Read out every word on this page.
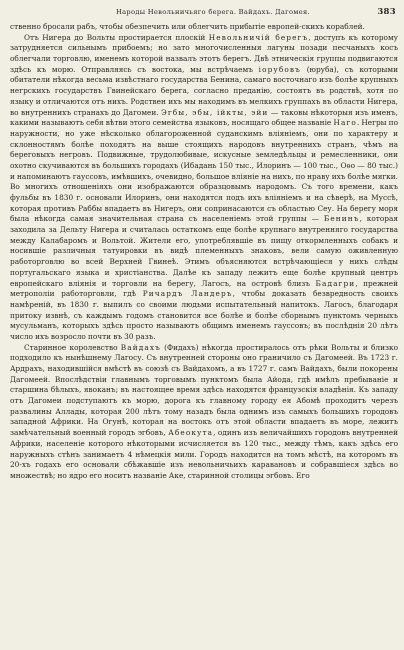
Народы Невольничьяго берега. Вайдахъ. Дагомея.	383

ственно бросали рабъ, чтобы обезпечить или облегчить прибытіе европей-скихъ кораблей.

Отъ Нигера до Вольты простирается плоскій Невольничій берегъ, доступъ къ которому затрудняется сильнымъ прибоемъ; но зато многочисленныя лагуны позади песчаныхъ косъ облегчали торговлю, именемъ которой назвалъ этотъ берегъ. Двѣ этническія группы подвигаются здѣсь къ морю. Отправляясь съ востока, мы встрѣчаемъ іорубовъ (юруба), съ которыми обитатели нѣкогда весьма извѣстнаго государства Бенина, самаго восточнаго изъ болѣе крупныхъ негрскихъ государствъ Гвинейскаго берега, согласно преданію, состоятъ въ родствѣ, хотя по языку и отличаются отъ нихъ. Родствен ихъ мы находимъ въ мелкихъ группахъ въ области Нигера, во внутреннихъ странахъ до Дагомеи. Эгбы, эбы, ійкты, эйи — таковы нѣкоторыя изъ именъ, какими называютъ себя вѣтви этого семейства языковъ, носящаго общее названіе Наго. Негры по наружности, но уже нѣсколько облагороженной суданскимъ вліяніемъ, они по характеру и склонностямъ болѣе походятъ на выше стоящихъ народовъ внутреннихъ странъ, чѣмъ на береговыхъ негровъ. Подвижные, трудолюбивые, искусные земледѣльцы и ремесленники, они охотно скучиваются въ большихъ городахъ (Ибадань 150 тыс., Илоринъ — 100 тыс., Оѳо — 80 тыс.) и напоминаютъ гауссовъ, имѣвшихъ, очевидно, большое вліяніе на нихъ, по нраву ихъ болѣе мягки. Во многихъ отношеніяхъ они изображаются образцовымъ народомъ. Съ того времени, какъ фульбы въ 1830 г. основали Илоринъ, они находятся подъ ихъ вліяніемъ и на сѣверѣ, на Муссѣ, которая противъ Раббы впадаетъ въ Нигеръ, они сопринасаются съ областью Сеу. На берегу моря была нѣкогда самая значительная страна съ населеніемъ этой группы — Бенинъ, которая заходила за Дельту Нигера и считалась остаткомъ еще болѣе крупнаго внутренняго государства между Калабаромъ и Вольтой. Жители его, употреблявшіе въ пищу откормленныхъ собакъ и носившіе различныя татуировки въ видѣ племенныхъ знаковъ, вели самую оживленную работорговлю во всей Верхней Гвинеѣ. Этимъ объясняются встрѣчающіеся у нихъ слѣды португальскаго языка и христіанства. Далѣе къ западу лежитъ еще болѣе крупный центръ европейскаго вліянія и торговли на берегу, Лагосъ, на островѣ близъ Бадагри, прежней метрополіи работорговли, гдѣ Ричардъ Ландеръ, чтобы доказать безвредность своихъ намѣреній, въ 1830 г. выпилъ со своими людьми испытательный напитокъ. Лагосъ, благодаря притоку извнѣ, съ каждымъ годомъ становится все болѣе и болѣе сборнымъ пунктомъ черныхъ мусульманъ, которыхъ здѣсь просто называютъ общимъ именемъ гауссовъ; въ послѣднія 20 лѣтъ число ихъ возросло почти въ 30 разъ.

Старинное королевство Вайдахъ (Фидахъ) нѣкогда простиралось отъ рѣки Вольты и близко подходило къ нынѣшнему Лагосу. Съ внутренней стороны оно граничило съ Дагомеей. Въ 1723 г. Ардрахъ, находившійся вмѣстѣ въ союзѣ съ Вайдахомъ, а въ 1727 г. самъ Вайдахъ, были покорены Дагомеей. Впослѣдствіи главнымъ торговымъ пунктомъ была Айода, гдѣ имѣлъ пребываніе и старшина бѣлыхъ, явоканъ; въ настоящее время здѣсь находятся французскія владѣнія. Къ западу отъ Дагомеи подступаютъ къ морю, дорога къ главному городу ея Абомѣ проходитъ черезъ развалины Аллады, которая 200 лѣтъ тому назадъ была однимъ изъ самыхъ большихъ городовъ западной Африки. На Огунѣ, которая на востокъ отъ этой области впадаетъ въ море, лежитъ замѣчательный военный городъ эгбовъ, Абеокута, одинъ изъ величайшихъ городовъ внутренней Африки, населеніе которого нѣкоторыми исчисляется въ 120 тыс., между тѣмъ, какъ здѣсь его наружныхъ стѣнъ занимаетъ 4 нѣмецкія мили. Городъ находится на томъ мѣстѣ, на которомъ въ 20-хъ годахъ его основали сбѣжавшіе изъ невольничьихъ каравановъ и собравшіеся здѣсь во множествѣ; но ядро его носитъ названіе Аке, старинной столицы эгбовъ. Его
